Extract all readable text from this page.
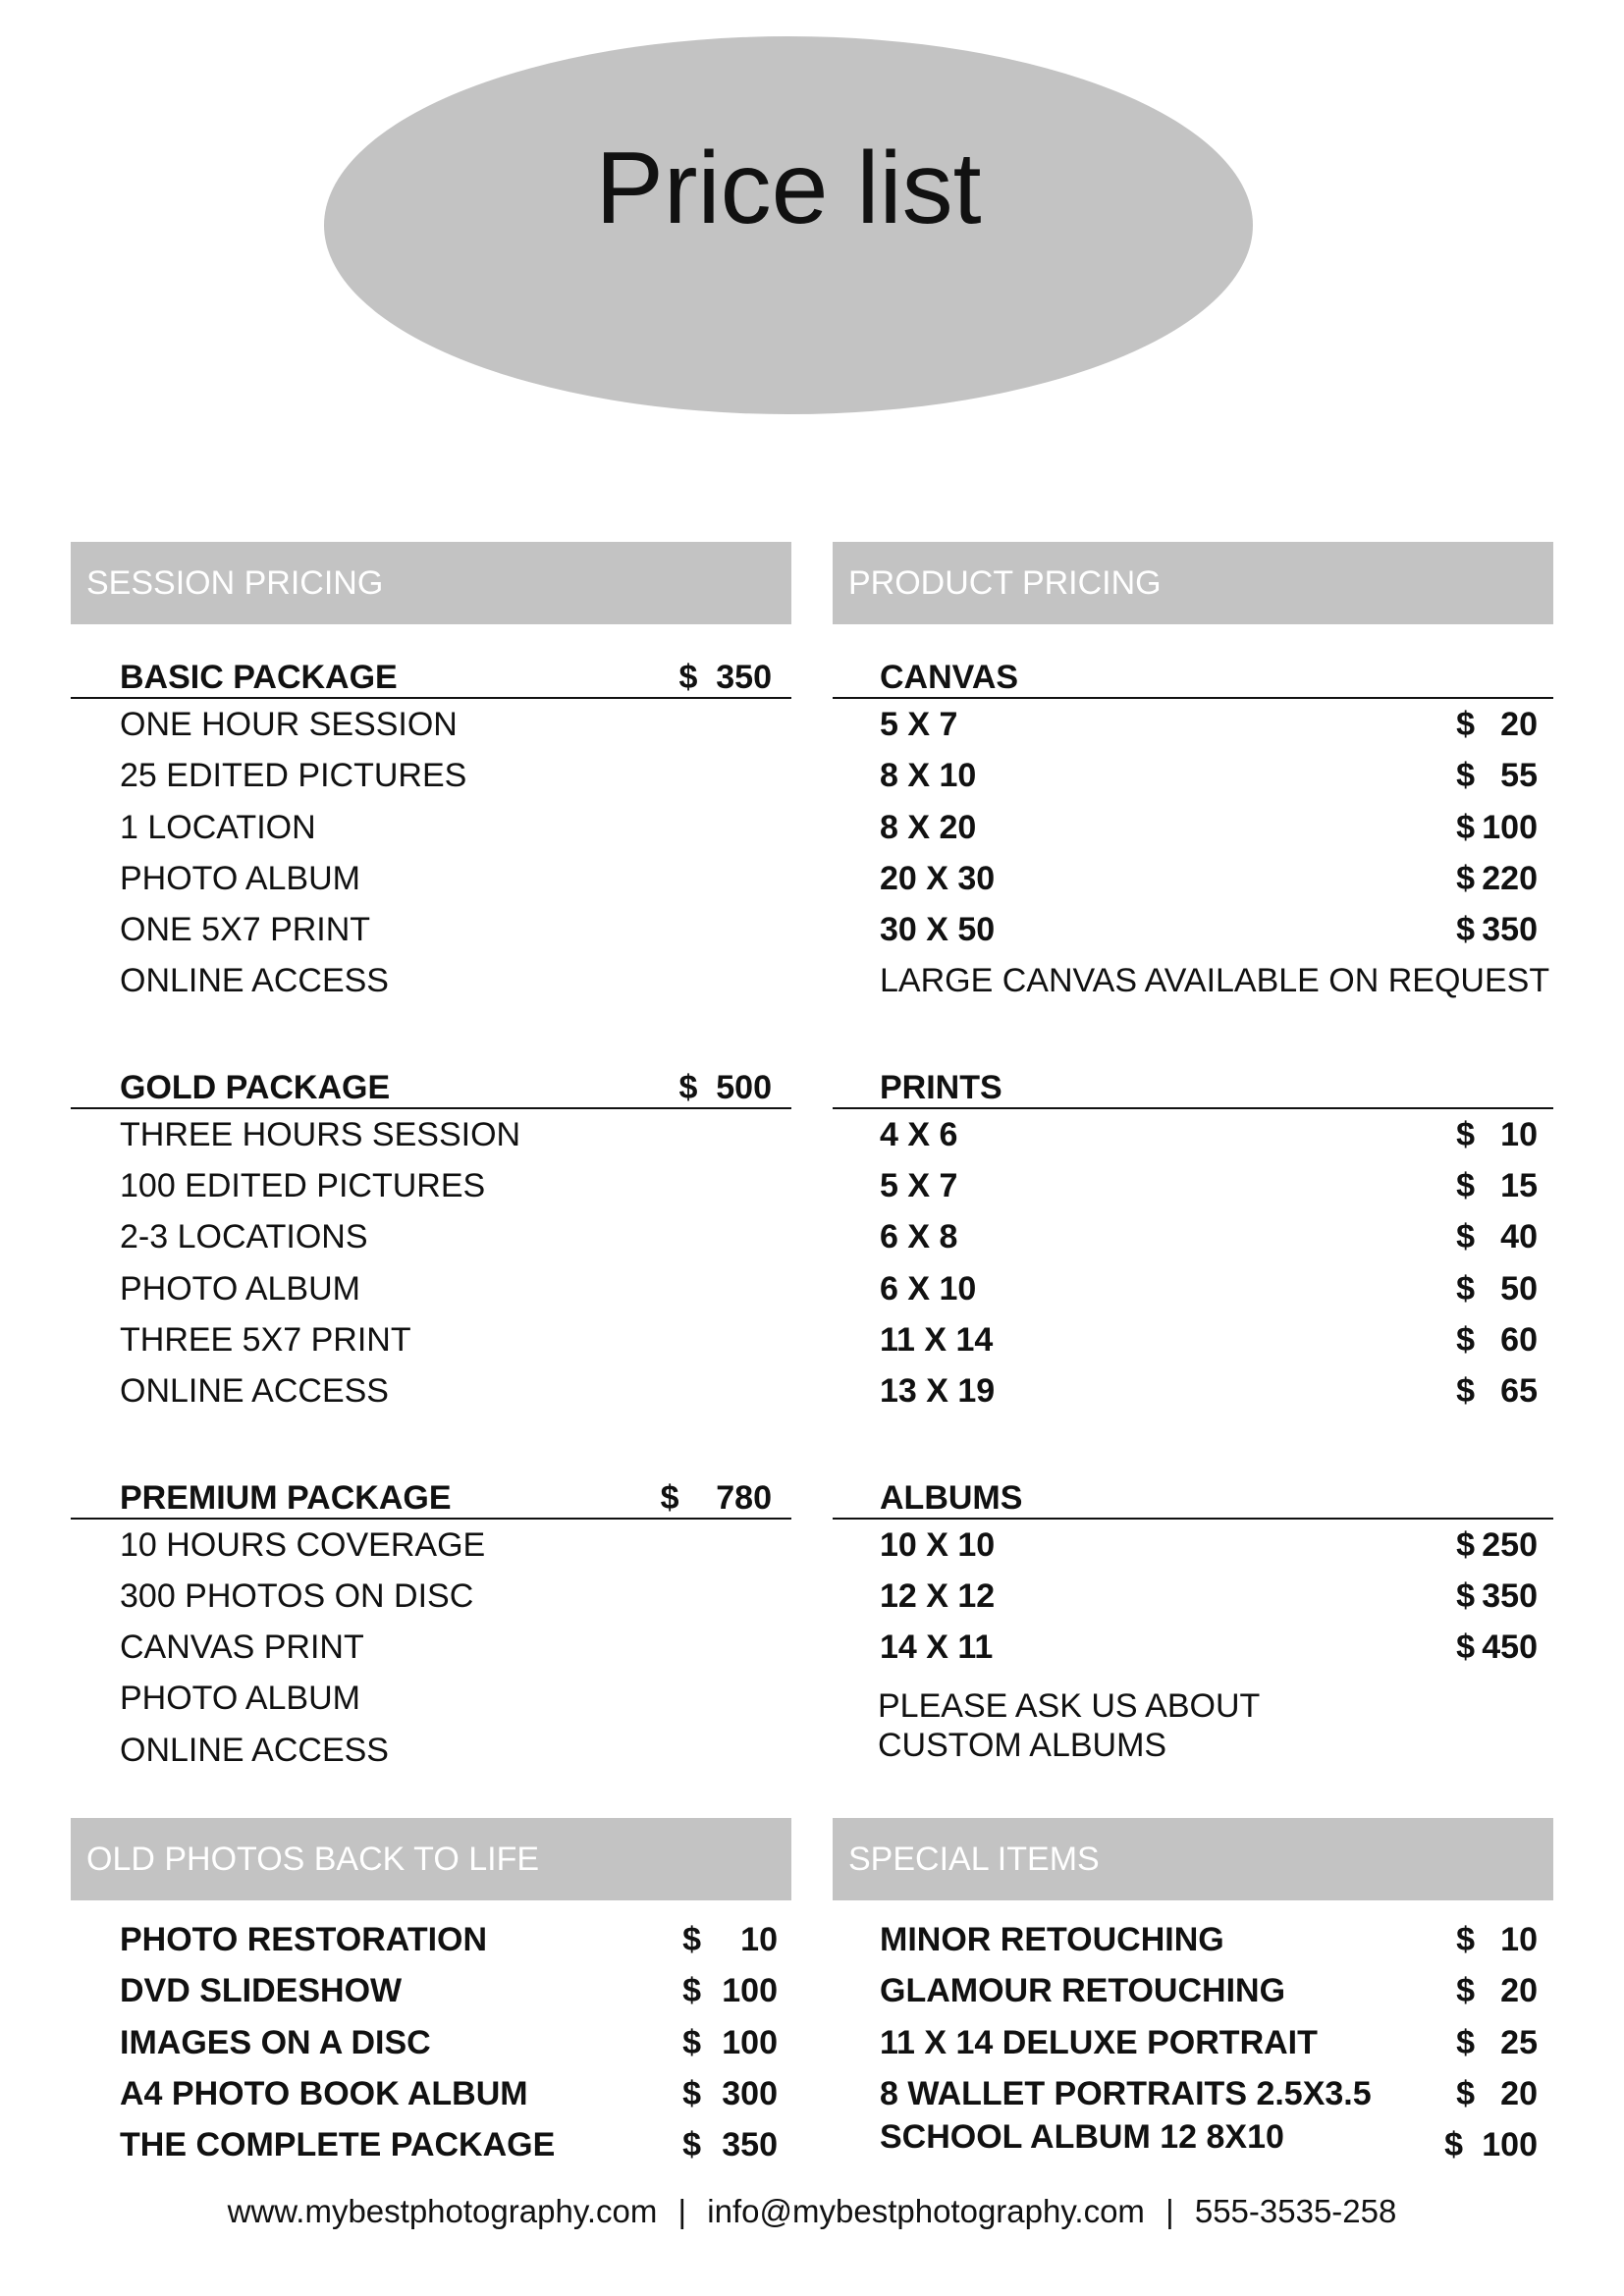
Price list
SESSION PRICING
BASIC PACKAGE	$  350
ONE HOUR SESSION
25 EDITED PICTURES
1 LOCATION
PHOTO ALBUM
ONE 5X7 PRINT
ONLINE ACCESS
GOLD PACKAGE	$  500
THREE HOURS SESSION
100 EDITED PICTURES
2-3 LOCATIONS
PHOTO ALBUM
THREE 5X7 PRINT
ONLINE ACCESS
PREMIUM PACKAGE	$    780
10 HOURS COVERAGE
300 PHOTOS ON DISC
CANVAS PRINT
PHOTO ALBUM
ONLINE ACCESS
PRODUCT PRICING
CANVAS
5 X 7	$ 20
8 X 10	$ 55
8 X 20	$ 100
20 X 30	$ 220
30 X 50	$ 350
LARGE CANVAS AVAILABLE ON REQUEST
PRINTS
4 X 6	$ 10
5 X 7	$ 15
6 X 8	$ 40
6 X 10	$ 50
11 X 14	$ 60
13 X 19	$ 65
ALBUMS
10 X 10	$ 250
12 X 12	$ 350
14 X 11	$ 450
PLEASE ASK US ABOUT
CUSTOM ALBUMS
OLD PHOTOS BACK TO LIFE
PHOTO RESTORATION	$ 10
DVD SLIDESHOW	$ 100
IMAGES ON A DISC	$ 100
A4 PHOTO BOOK ALBUM	$ 300
THE COMPLETE PACKAGE	$ 350
SPECIAL ITEMS
MINOR RETOUCHING	$ 10
GLAMOUR RETOUCHING	$ 20
11 X 14 DELUXE PORTRAIT	$ 25
8 WALLET PORTRAITS 2.5X3.5	$ 20
SCHOOL ALBUM 12 8X10	$ 100
www.mybestphotography.com | info@mybestphotography.com | 555-3535-258
